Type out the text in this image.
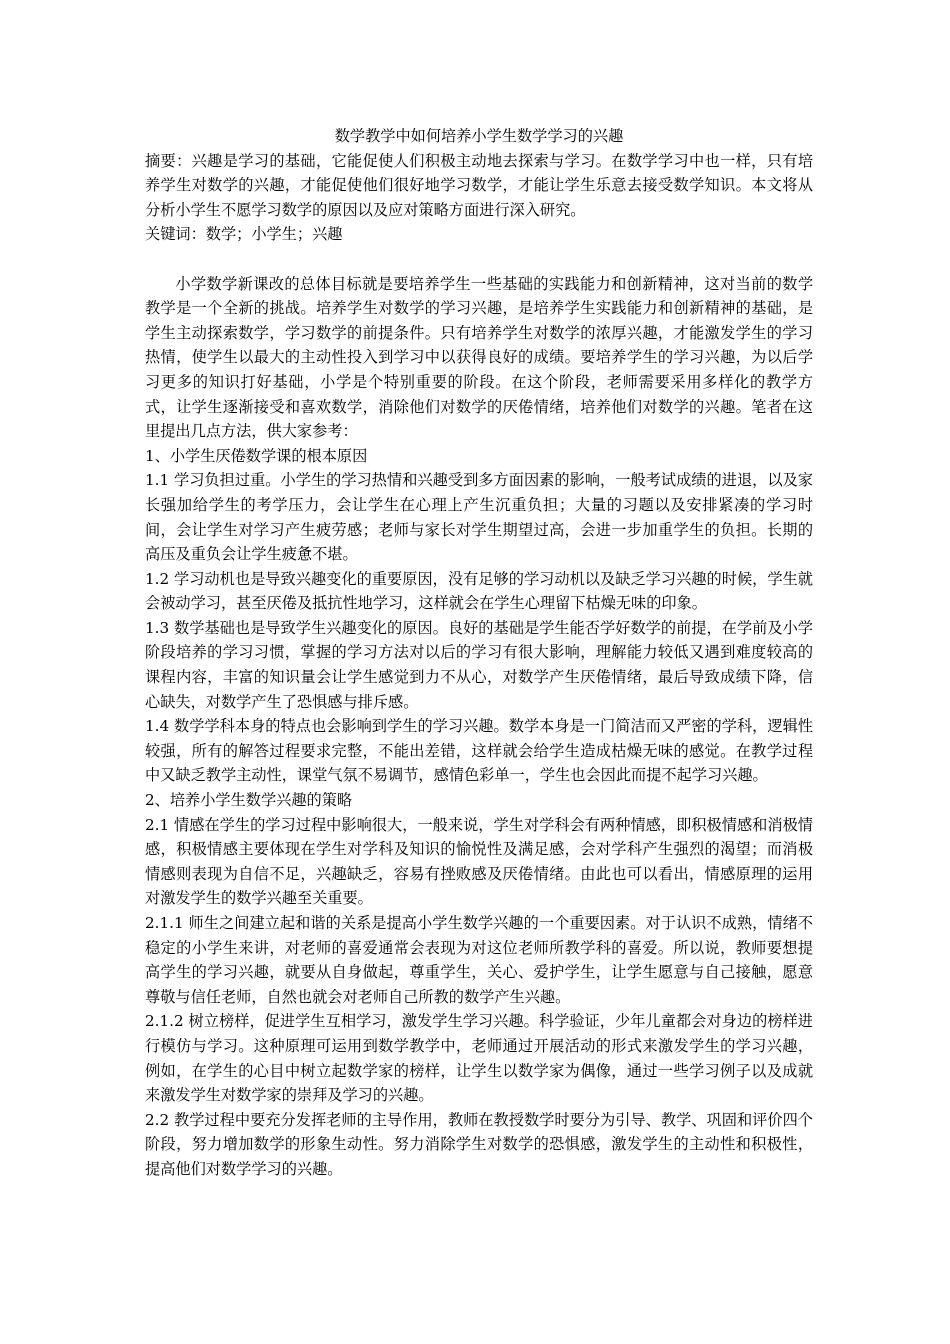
数学教学中如何培养小学生数学学习的兴趣

摘要：兴趣是学习的基础，它能促使人们积极主动地去探索与学习。在数学学习中也一样，只有培养学生对数学的兴趣，才能促使他们很好地学习数学，才能让学生乐意去接受数学知识。本文将从分析小学生不愿学习数学的原因以及应对策略方面进行深入研究。

关键词：数学；小学生；兴趣

小学数学新课改的总体目标就是要培养学生一些基础的实践能力和创新精神，这对当前的数学教学是一个全新的挑战。培养学生对数学的学习兴趣，是培养学生实践能力和创新精神的基础，是学生主动探索数学，学习数学的前提条件。只有培养学生对数学的浓厚兴趣，才能激发学生的学习热情，使学生以最大的主动性投入到学习中以获得良好的成绩。要培养学生的学习兴趣，为以后学习更多的知识打好基础，小学是个特别重要的阶段。在这个阶段，老师需要采用多样化的教学方式，让学生逐渐接受和喜欢数学，消除他们对数学的厌倦情绪，培养他们对数学的兴趣。笔者在这里提出几点方法，供大家参考：

1、小学生厌倦数学课的根本原因

1.1 学习负担过重。小学生的学习热情和兴趣受到多方面因素的影响，一般考试成绩的进退，以及家长强加给学生的考学压力，会让学生在心理上产生沉重负担；大量的习题以及安排紧凑的学习时间，会让学生对学习产生疲劳感；老师与家长对学生期望过高，会进一步加重学生的负担。长期的高压及重负会让学生疲惫不堪。

1.2 学习动机也是导致兴趣变化的重要原因，没有足够的学习动机以及缺乏学习兴趣的时候，学生就会被动学习，甚至厌倦及抵抗性地学习，这样就会在学生心理留下枯燥无味的印象。

1.3 数学基础也是导致学生兴趣变化的原因。良好的基础是学生能否学好数学的前提，在学前及小学阶段培养的学习习惯，掌握的学习方法对以后的学习有很大影响，理解能力较低又遇到难度较高的课程内容，丰富的知识量会让学生感觉到力不从心，对数学产生厌倦情绪，最后导致成绩下降，信心缺失，对数学产生了恐惧感与排斥感。

1.4 数学学科本身的特点也会影响到学生的学习兴趣。数学本身是一门简洁而又严密的学科，逻辑性较强，所有的解答过程要求完整，不能出差错，这样就会给学生造成枯燥无味的感觉。在教学过程中又缺乏教学主动性，课堂气氛不易调节，感情色彩单一，学生也会因此而提不起学习兴趣。

2、培养小学生数学兴趣的策略

2.1 情感在学生的学习过程中影响很大，一般来说，学生对学科会有两种情感，即积极情感和消极情感，积极情感主要体现在学生对学科及知识的愉悦性及满足感，会对学科产生强烈的渴望；而消极情感则表现为自信不足，兴趣缺乏，容易有挫败感及厌倦情绪。由此也可以看出，情感原理的运用对激发学生的数学兴趣至关重要。

2.1.1 师生之间建立起和谐的关系是提高小学生数学兴趣的一个重要因素。对于认识不成熟，情绪不稳定的小学生来讲，对老师的喜爱通常会表现为对这位老师所教学科的喜爱。所以说，教师要想提高学生的学习兴趣，就要从自身做起，尊重学生，关心、爱护学生，让学生愿意与自己接触，愿意尊敬与信任老师，自然也就会对老师自己所教的数学产生兴趣。

2.1.2 树立榜样，促进学生互相学习，激发学生学习兴趣。科学验证，少年儿童都会对身边的榜样进行模仿与学习。这种原理可运用到数学教学中，老师通过开展活动的形式来激发学生的学习兴趣，例如，在学生的心目中树立起数学家的榜样，让学生以数学家为偶像，通过一些学习例子以及成就来激发学生对数学家的崇拜及学习的兴趣。

2.2 教学过程中要充分发挥老师的主导作用，教师在教授数学时要分为引导、教学、巩固和评价四个阶段，努力增加数学的形象生动性。努力消除学生对数学的恐惧感，激发学生的主动性和积极性，提高他们对数学学习的兴趣。
